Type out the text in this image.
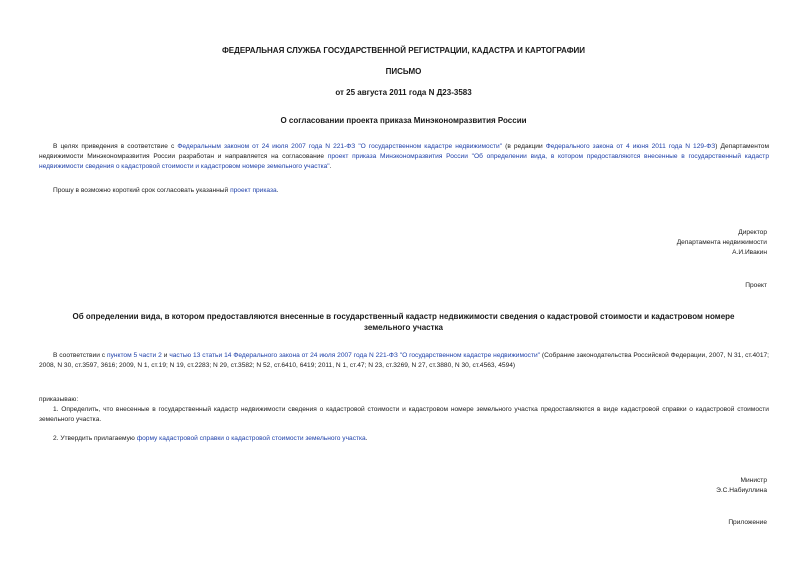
ФЕДЕРАЛЬНАЯ СЛУЖБА ГОСУДАРСТВЕННОЙ РЕГИСТРАЦИИ, КАДАСТРА И КАРТОГРАФИИ
ПИСЬМО
от 25 августа 2011 года N Д23-3583
О согласовании проекта приказа Минэкономразвития России
В целях приведения в соответствие с Федеральным законом от 24 июля 2007 года N 221-ФЗ "О государственном кадастре недвижимости" (в редакции Федерального закона от 4 июня 2011 года N 129-ФЗ) Департаментом недвижимости Минэкономразвития России разработан и направляется на согласование проект приказа Минэкономразвития России "Об определении вида, в котором предоставляются внесенные в государственный кадастр недвижимости сведения о кадастровой стоимости и кадастровом номере земельного участка".
Прошу в возможно короткий срок согласовать указанный проект приказа.
Директор
Департамента недвижимости
А.И.Ивакин
Проект
Об определении вида, в котором предоставляются внесенные в государственный кадастр недвижимости сведения о кадастровой стоимости и кадастровом номере земельного участка
В соответствии с пунктом 5 части 2 и частью 13 статьи 14 Федерального закона от 24 июля 2007 года N 221-ФЗ "О государственном кадастре недвижимости" (Собрание законодательства Российской Федерации, 2007, N 31, ст.4017; 2008, N 30, ст.3597, 3616; 2009, N 1, ст.19; N 19, ст.2283; N 29, ст.3582; N 52, ст.6410, 6419; 2011, N 1, ст.47; N 23, ст.3269, N 27, ст.3880, N 30, ст.4563, 4594)
приказываю:
1. Определить, что внесенные в государственный кадастр недвижимости сведения о кадастровой стоимости и кадастровом номере земельного участка предоставляются в виде кадастровой справки о кадастровой стоимости земельного участка.
2. Утвердить прилагаемую форму кадастровой справки о кадастровой стоимости земельного участка.
Министр
Э.С.Набиуллина
Приложение
